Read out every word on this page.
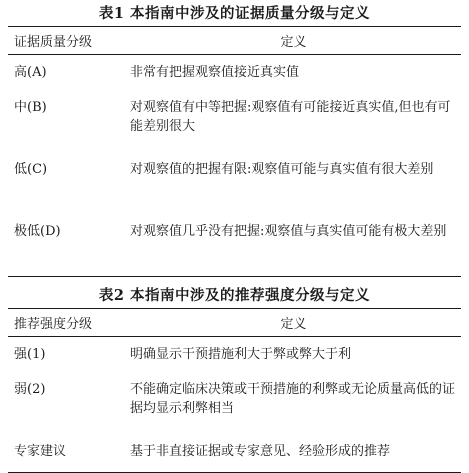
表1 本指南中涉及的证据质量分级与定义
证据质量分级	定义
高(A)	非常有把握观察值接近真实值
中(B)	对观察值有中等把握:观察值有可能接近真实值,但也有可能差别很大
低(C)	对观察值的把握有限:观察值可能与真实值有很大差别
极低(D)	对观察值几乎没有把握:观察值与真实值可能有极大差别
表2 本指南中涉及的推荐强度分级与定义
推荐强度分级	定义
强(1)	明确显示干预措施利大于弊或弊大于利
弱(2)	不能确定临床决策或干预措施的利弊或无论质量高低的证据均显示利弊相当
专家建议	基于非直接证据或专家意见、经验形成的推荐
